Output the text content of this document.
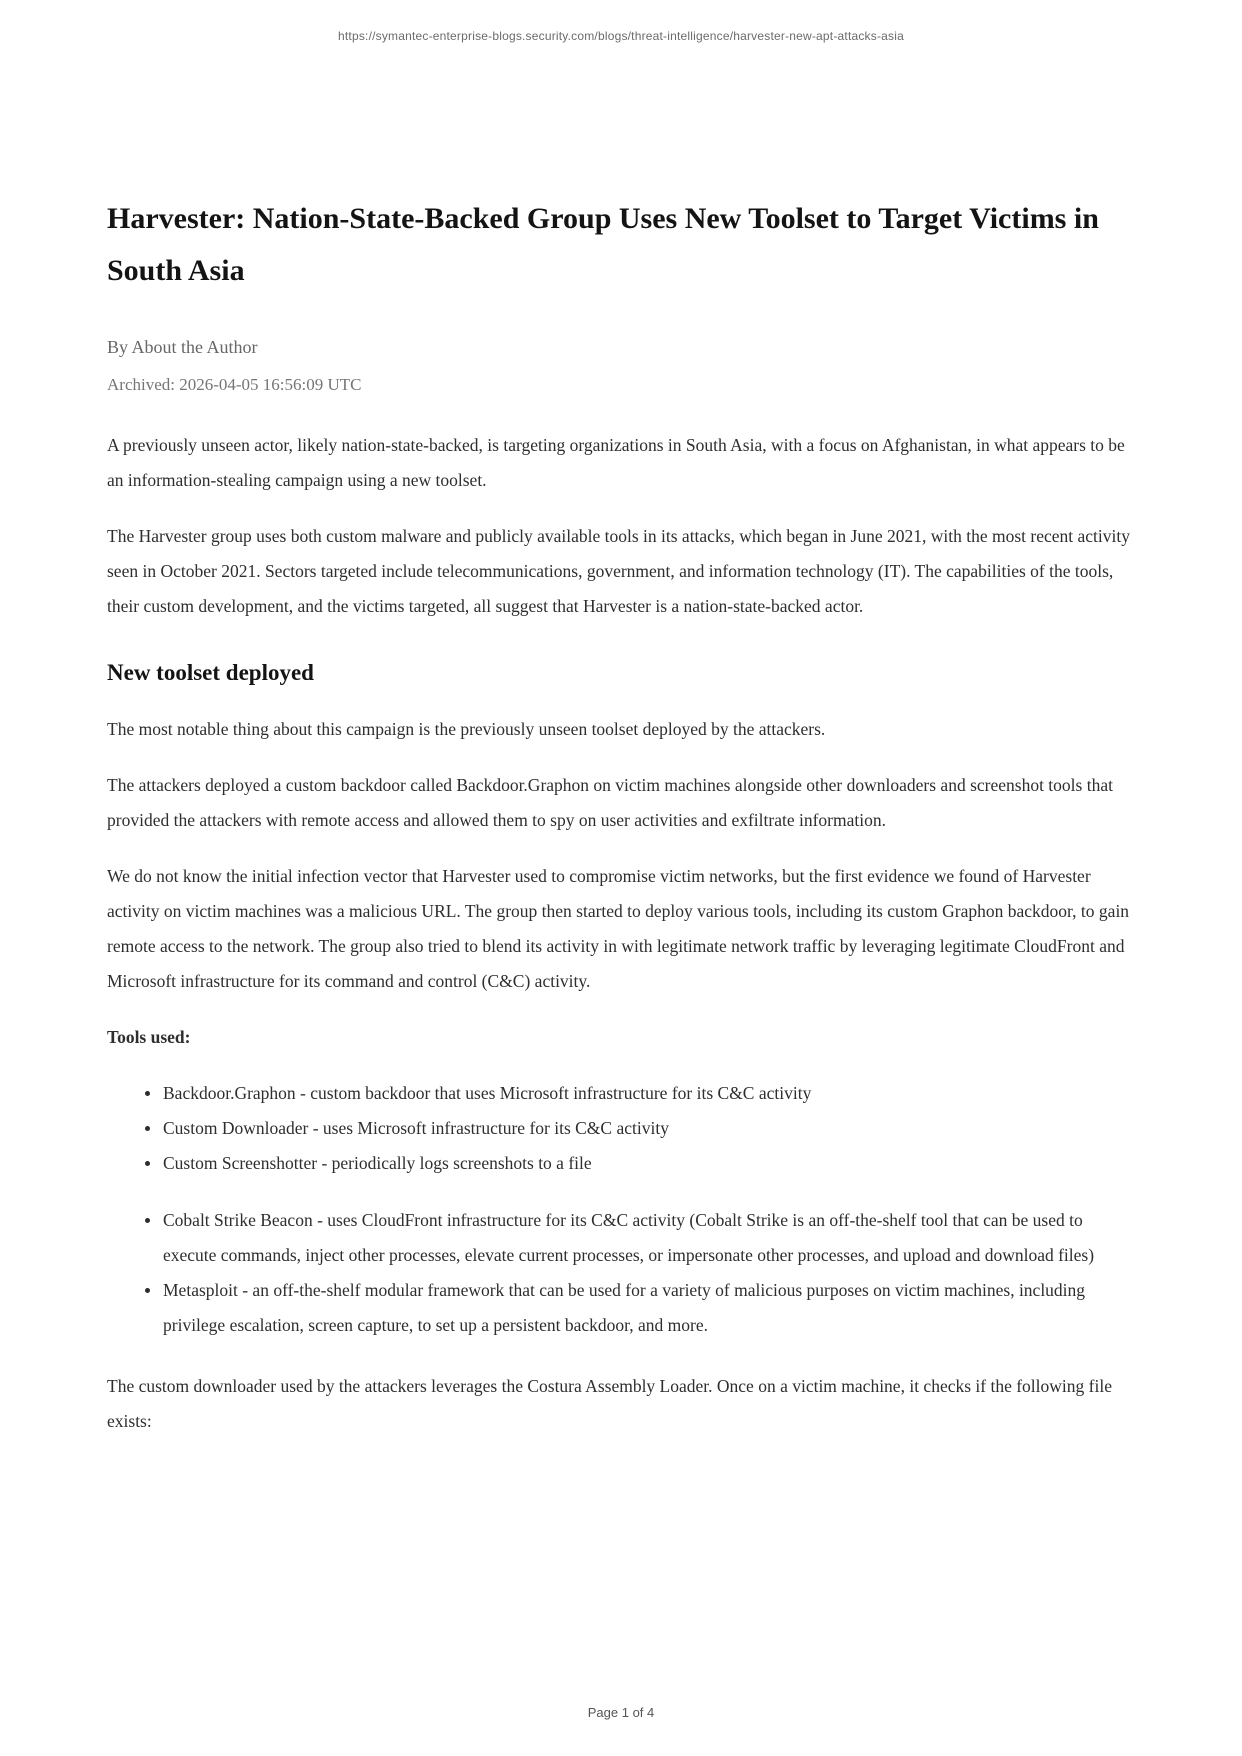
https://symantec-enterprise-blogs.security.com/blogs/threat-intelligence/harvester-new-apt-attacks-asia
Harvester: Nation-State-Backed Group Uses New Toolset to Target Victims in South Asia
By About the Author
Archived: 2026-04-05 16:56:09 UTC

A previously unseen actor, likely nation-state-backed, is targeting organizations in South Asia, with a focus on Afghanistan, in what appears to be an information-stealing campaign using a new toolset.

The Harvester group uses both custom malware and publicly available tools in its attacks, which began in June 2021, with the most recent activity seen in October 2021. Sectors targeted include telecommunications, government, and information technology (IT). The capabilities of the tools, their custom development, and the victims targeted, all suggest that Harvester is a nation-state-backed actor.

New toolset deployed

The most notable thing about this campaign is the previously unseen toolset deployed by the attackers.

The attackers deployed a custom backdoor called Backdoor.Graphon on victim machines alongside other downloaders and screenshot tools that provided the attackers with remote access and allowed them to spy on user activities and exfiltrate information.

We do not know the initial infection vector that Harvester used to compromise victim networks, but the first evidence we found of Harvester activity on victim machines was a malicious URL. The group then started to deploy various tools, including its custom Graphon backdoor, to gain remote access to the network. The group also tried to blend its activity in with legitimate network traffic by leveraging legitimate CloudFront and Microsoft infrastructure for its command and control (C&C) activity.

Tools used:

Backdoor.Graphon - custom backdoor that uses Microsoft infrastructure for its C&C activity
Custom Downloader - uses Microsoft infrastructure for its C&C activity
Custom Screenshotter - periodically logs screenshots to a file
Cobalt Strike Beacon - uses CloudFront infrastructure for its C&C activity (Cobalt Strike is an off-the-shelf tool that can be used to execute commands, inject other processes, elevate current processes, or impersonate other processes, and upload and download files)
Metasploit - an off-the-shelf modular framework that can be used for a variety of malicious purposes on victim machines, including privilege escalation, screen capture, to set up a persistent backdoor, and more.

The custom downloader used by the attackers leverages the Costura Assembly Loader. Once on a victim machine, it checks if the following file exists:

Page 1 of 4
